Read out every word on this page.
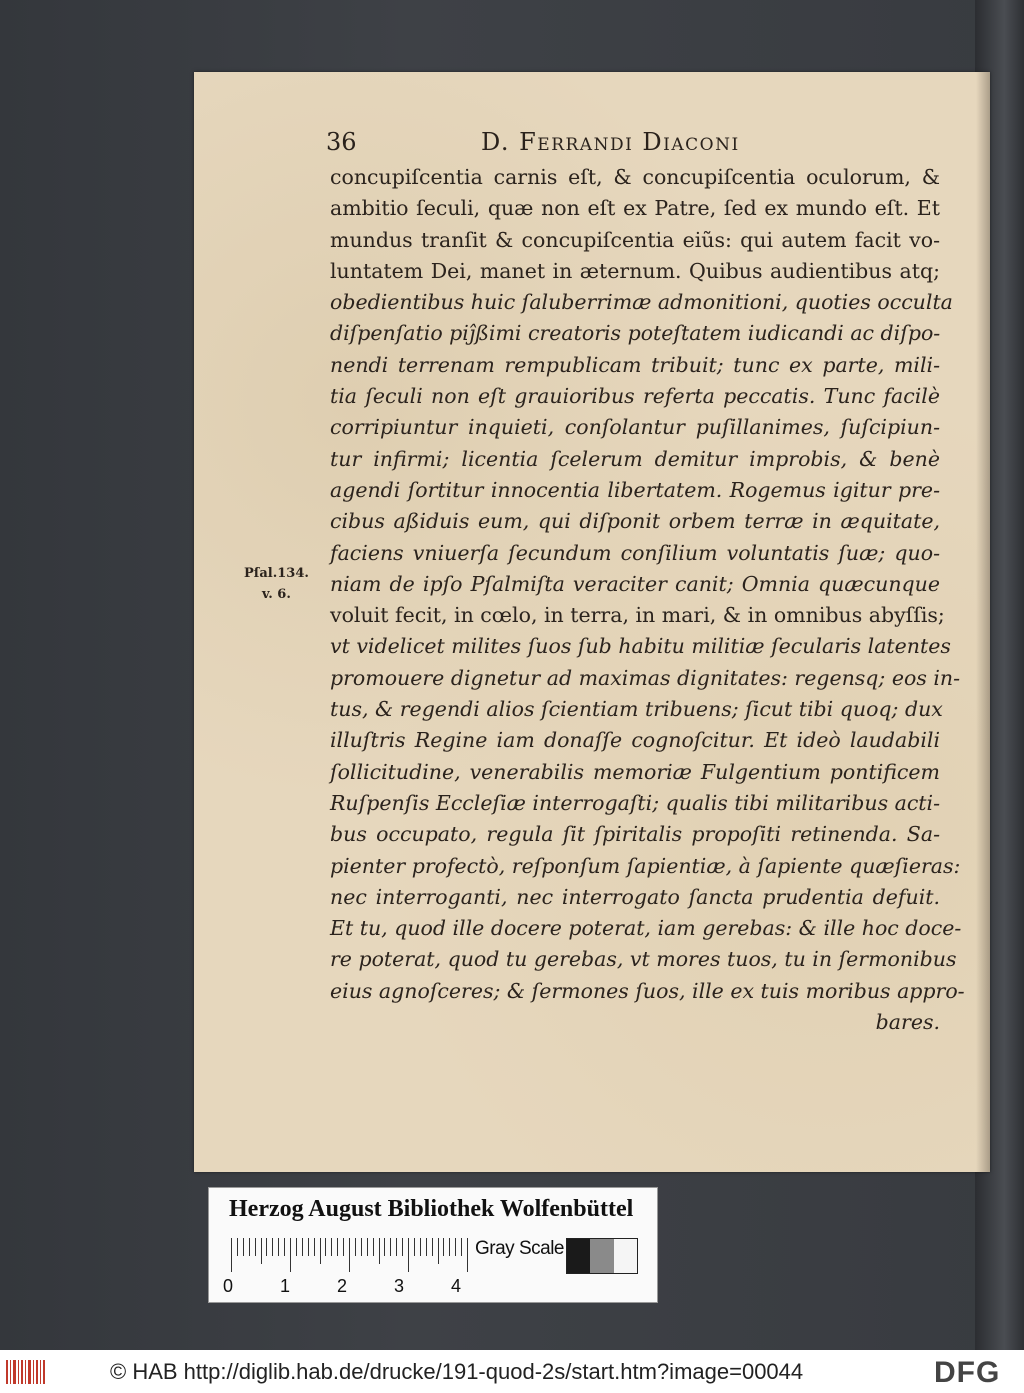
36	D. Ferrandi Diaconi
Pſal.134.
v. 6.
concupiſcentia carnis eſt, & concupiſcentia oculorum, &
ambitio ſeculi, quæ non eſt ex Patre, ſed ex mundo eſt. Et
mundus tranſit & concupiſcentia eiũs: qui autem facit vo-
luntatem Dei, manet in æternum. Quibus audientibus atq;
obedientibus huic ſaluberrimæ admonitioni, quoties occulta
diſpenſatio piĵßimi creatoris poteſtatem iudicandi ac diſpo-
nendi terrenam rempublicam tribuit; tunc ex parte, mili-
tia ſeculi non eſt grauioribus referta peccatis. Tunc facilè
corripiuntur inquieti, conſolantur puſillanimes, ſuſcipiun-
tur infirmi; licentia ſcelerum demitur improbis, & benè
agendi ſortitur innocentia libertatem. Rogemus igitur pre-
cibus aßiduis eum, qui diſponit orbem terræ in æquitate,
faciens vniuerſa ſecundum conſilium voluntatis ſuæ; quo-
niam de ipſo Pſalmiſta veraciter canit; Omnia quæcunque
voluit fecit, in cœlo, in terra, in mari, & in omnibus abyſſis;
vt videlicet milites ſuos ſub habitu militiæ ſecularis latentes
promouere dignetur ad maximas dignitates: regensq; eos in-
tus, & regendi alios ſcientiam tribuens; ſicut tibi quoq; dux
illuſtris Regine iam donaſſe cognoſcitur. Et ideò laudabili
ſollicitudine, venerabilis memoriæ Fulgentium pontificem
Ruſpenſis Eccleſiæ interrogaſti; qualis tibi militaribus acti-
bus occupato, regula ſit ſpiritalis propoſiti retinenda. Sa-
pienter profectò, reſponſum ſapientiæ, à ſapiente quæſieras:
nec interroganti, nec interrogato ſancta prudentia defuit.
Et tu, quod ille docere poterat, iam gerebas: & ille hoc doce-
re poterat, quod tu gerebas, vt mores tuos, tu in ſermonibus
eius agnoſceres; & ſermones ſuos, ille ex tuis moribus appro-
bares.
Herzog August Bibliothek Wolfenbüttel
0	1	2	3	4
Gray Scale
© HAB http://diglib.hab.de/drucke/191-quod-2s/start.htm?image=00044	DFG
